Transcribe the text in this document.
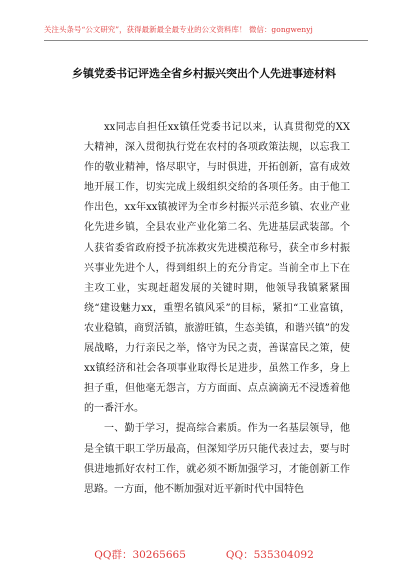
关注头条号“公文研究”，获得最新最全最专业的公文资料库！ 微信：gongwenyj
乡镇党委书记评选全省乡村振兴突出个人先进事迹材料

xx同志自担任xx镇任党委书记以来，认真贯彻党的XX大精神，深入贯彻执行党在农村的各项政策法规，以忘我工作的敬业精神，恪尽职守，与时俱进，开拓创新，富有成效地开展工作，切实完成上级组织交给的各项任务。由于他工作出色，xx年xx镇被评为全市乡村振兴示范乡镇、农业产业化先进乡镇，全县农业产业化第二名、先进基层武装部。个人获省委省政府授予抗冻救灾先进模范称号，获全市乡村振兴事业先进个人，得到组织上的充分肯定。当前全市上下在主攻工业，实现赶超发展的关键时期，他领导我镇紧紧围绕“建设魅力xx，重塑名镇风采”的目标，紧扣“工业富镇，农业稳镇，商贸活镇，旅游旺镇，生态美镇，和谐兴镇”的发展战略，力行亲民之举，恪守为民之责，善谋富民之策，使xx镇经济和社会各项事业取得长足进步，虽然工作多，身上担子重，但他毫无怨言，方方面面、点点滴滴无不浸透着他的一番汗水。

一、勤于学习，提高综合素质。作为一名基层领导，他是全镇干职工学历最高，但深知学历只能代表过去，要与时俱进地抓好农村工作，就必须不断加强学习，才能创新工作思路。一方面，他不断加强对近平新时代中国特色

QQ群：30265665	QQ：535304092
